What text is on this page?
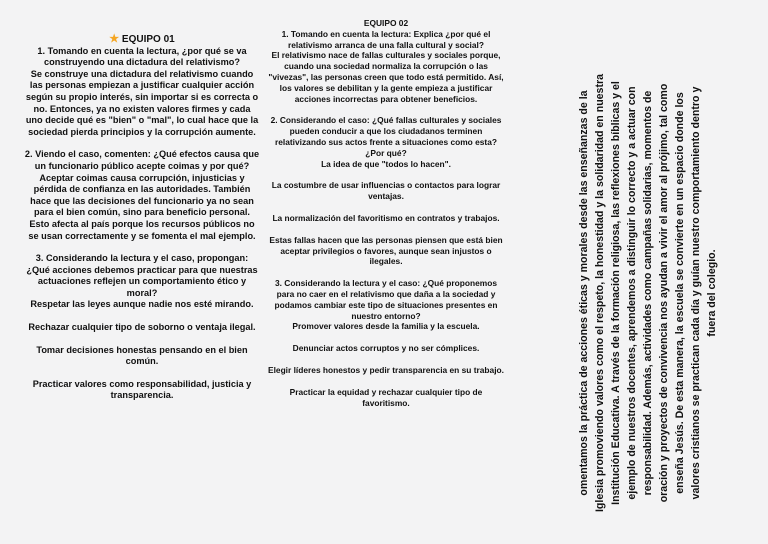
★ EQUIPO 01

1. Tomando en cuenta la lectura, ¿por qué se va construyendo una dictadura del relativismo?

Se construye una dictadura del relativismo cuando las personas empiezan a justificar cualquier acción según su propio interés, sin importar si es correcta o no. Entonces, ya no existen valores firmes y cada uno decide qué es "bien" o "mal", lo cual hace que la sociedad pierda principios y la corrupción aumente.

2. Viendo el caso, comenten: ¿Qué efectos causa que un funcionario público acepte coimas y por qué?

Aceptar coimas causa corrupción, injusticias y pérdida de confianza en las autoridades. También hace que las decisiones del funcionario ya no sean para el bien común, sino para beneficio personal. Esto afecta al país porque los recursos públicos no se usan correctamente y se fomenta el mal ejemplo.

3. Considerando la lectura y el caso, propongan: ¿Qué acciones debemos practicar para que nuestras actuaciones reflejen un comportamiento ético y moral?

Respetar las leyes aunque nadie nos esté mirando.

Rechazar cualquier tipo de soborno o ventaja ilegal.

Tomar decisiones honestas pensando en el bien común.

Practicar valores como responsabilidad, justicia y transparencia.

EQUIPO 02

1. Tomando en cuenta la lectura: Explica ¿por qué el relativismo arranca de una falla cultural y social?

El relativismo nace de fallas culturales y sociales porque, cuando una sociedad normaliza la corrupción o las "vivezas", las personas creen que todo está permitido. Así, los valores se debilitan y la gente empieza a justificar acciones incorrectas para obtener beneficios.

2. Considerando el caso: ¿Qué fallas culturales y sociales pueden conducir a que los ciudadanos terminen relativizando sus actos frente a situaciones como esta? ¿Por qué?

La idea de que "todos lo hacen".

La costumbre de usar influencias o contactos para lograr ventajas.

La normalización del favoritismo en contratos y trabajos.

Estas fallas hacen que las personas piensen que está bien aceptar privilegios o favores, aunque sean injustos o ilegales.

3. Considerando la lectura y el caso: ¿Qué proponemos para no caer en el relativismo que daña a la sociedad y podamos cambiar este tipo de situaciones presentes en nuestro entorno?

Promover valores desde la familia y la escuela.

Denunciar actos corruptos y no ser cómplices.

Elegir líderes honestos y pedir transparencia en su trabajo.

Practicar la equidad y rechazar cualquier tipo de favoritismo.	omentamos la práctica de acciones éticas y morales desde las enseñanzas de la Iglesia promoviendo valores como el respeto, la honestidad y la solidaridad en nuestra Institución Educativa. A través de la formación religiosa, las reflexiones bíblicas y el ejemplo de nuestros docentes, aprendemos a distinguir lo correcto y a actuar con responsabilidad. Además, actividades como campañas solidarias, momentos de oración y proyectos de convivencia nos ayudan a vivir el amor al prójimo, tal como enseña Jesús. De esta manera, la escuela se convierte en un espacio donde los valores cristianos se practican cada día y guían nuestro comportamiento dentro y fuera del colegio.
